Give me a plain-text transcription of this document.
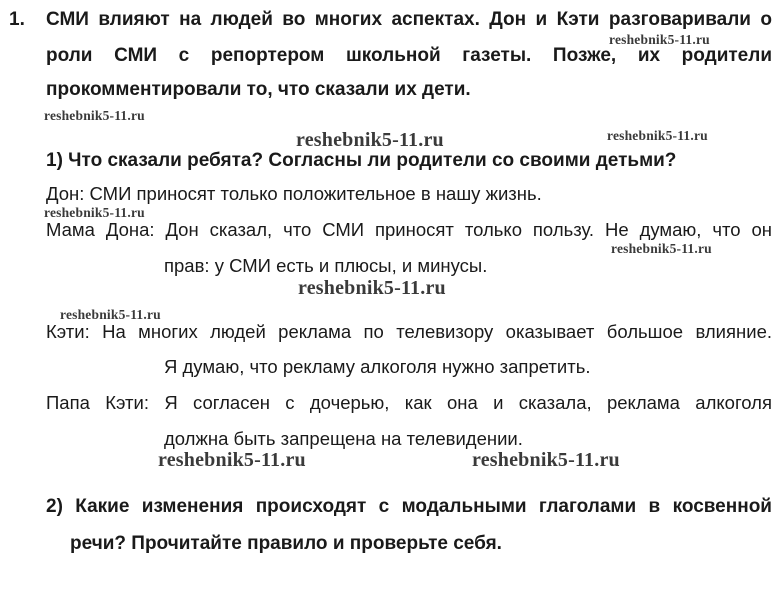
1. СМИ влияют на людей во многих аспектах. Дон и Кэти разговаривали о
роли СМИ с репортером школьной газеты. Позже, их родители
прокомментировали то, что сказали их дети.
1) Что сказали ребята? Согласны ли родители со своими детьми?
Дон: СМИ приносят только положительное в нашу жизнь.
Мама Дона: Дон сказал, что СМИ приносят только пользу. Не думаю, что он
прав: у СМИ есть и плюсы, и минусы.
Кэти: На многих людей реклама по телевизору оказывает большое влияние.
Я думаю, что рекламу алкоголя нужно запретить.
Папа Кэти: Я согласен с дочерью, как она и сказала, реклама алкоголя
должна быть запрещена на телевидении.
2) Какие изменения происходят с модальными глаголами в косвенной
речи? Прочитайте правило и проверьте себя.
reshebnik5-11.ru
reshebnik5-11.ru
reshebnik5-11.ru	reshebnik5-11.ru
reshebnik5-11.ru
reshebnik5-11.ru
reshebnik5-11.ru
reshebnik5-11.ru
reshebnik5-11.ru	reshebnik5-11.ru
